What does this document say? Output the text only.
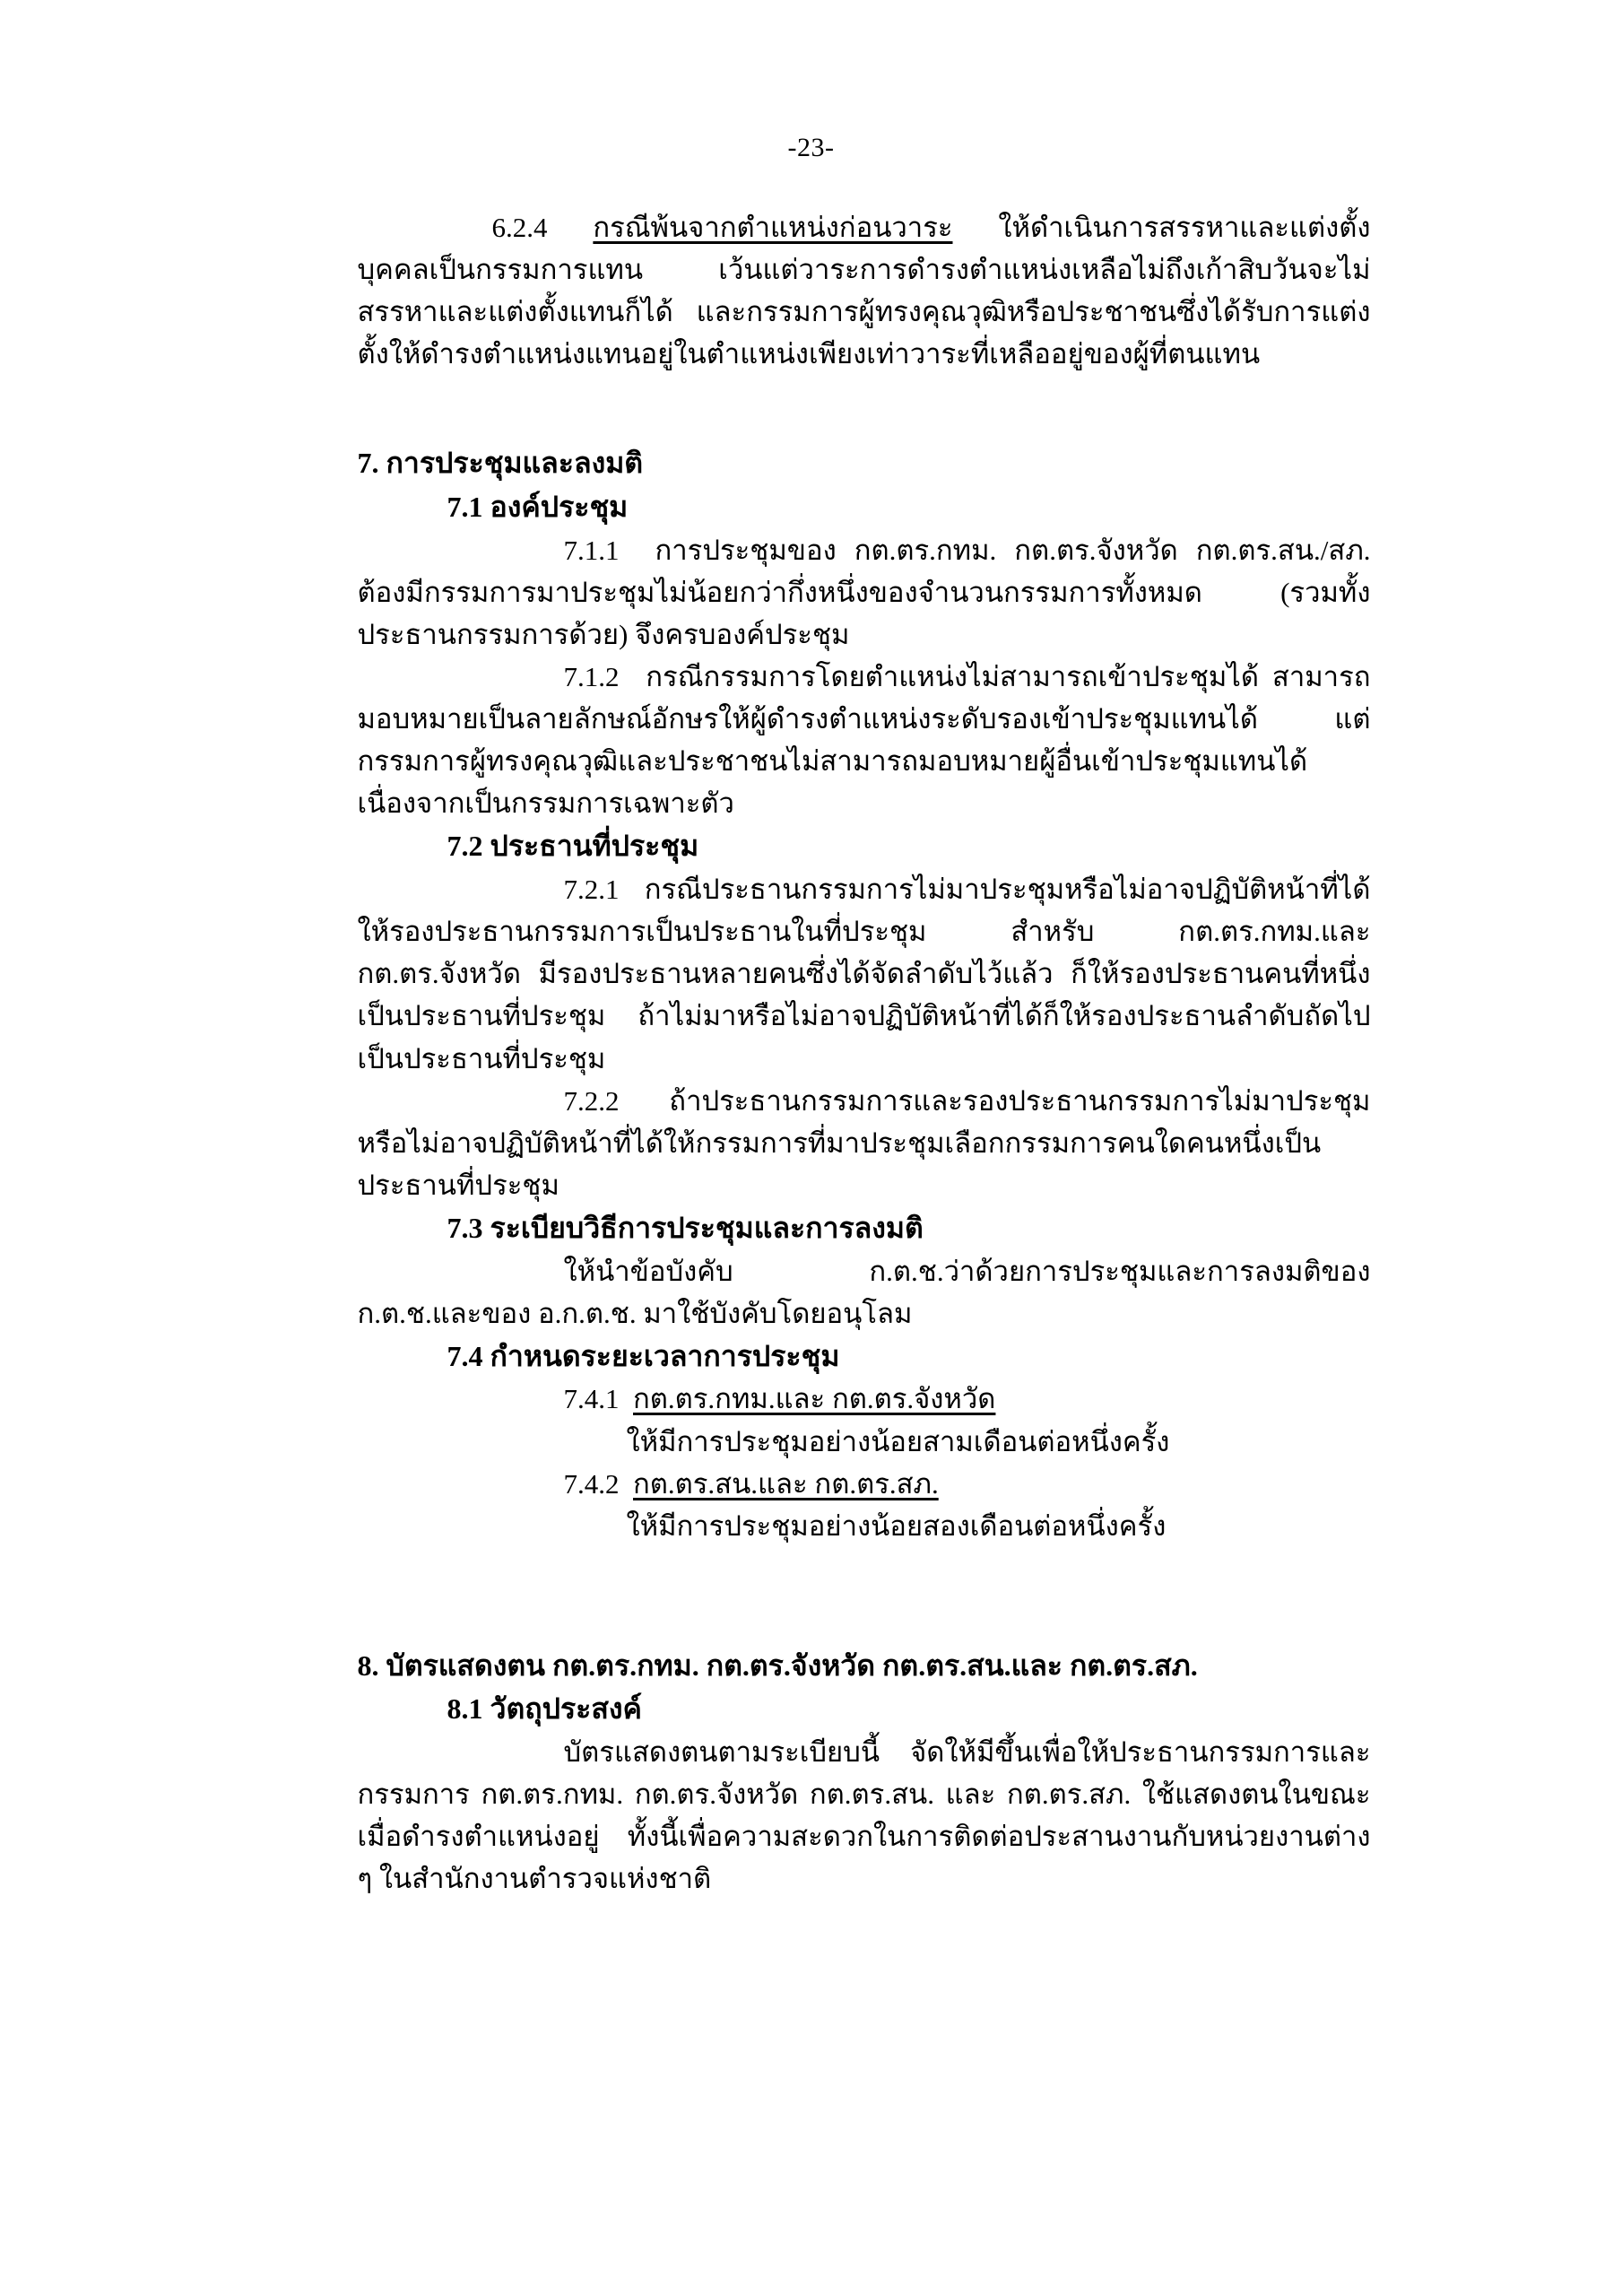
-23-

6.2.4 กรณีพ้นจากตำแหน่งก่อนวาระ ให้ดำเนินการสรรหาและแต่งตั้งบุคคลเป็นกรรมการแทน เว้นแต่วาระการดำรงตำแหน่งเหลือไม่ถึงเก้าสิบวันจะไม่สรรหาและแต่งตั้งแทนก็ได้ และกรรมการผู้ทรงคุณวุฒิหรือประชาชนซึ่งได้รับการแต่งตั้งให้ดำรงตำแหน่งแทนอยู่ในตำแหน่งเพียงเท่าวาระที่เหลืออยู่ของผู้ที่ตนแทน

7. การประชุมและลงมติ
7.1 องค์ประชุม

7.1.1 การประชุมของ กต.ตร.กทม. กต.ตร.จังหวัด กต.ตร.สน./สภ. ต้องมีกรรมการมาประชุมไม่น้อยกว่ากึ่งหนึ่งของจำนวนกรรมการทั้งหมด (รวมทั้งประธานกรรมการด้วย) จึงครบองค์ประชุม

7.1.2 กรณีกรรมการโดยตำแหน่งไม่สามารถเข้าประชุมได้ สามารถมอบหมายเป็นลายลักษณ์อักษรให้ผู้ดำรงตำแหน่งระดับรองเข้าประชุมแทนได้ แต่กรรมการผู้ทรงคุณวุฒิและประชาชนไม่สามารถมอบหมายผู้อื่นเข้าประชุมแทนได้เนื่องจากเป็นกรรมการเฉพาะตัว

7.2 ประธานที่ประชุม

7.2.1 กรณีประธานกรรมการไม่มาประชุมหรือไม่อาจปฏิบัติหน้าที่ได้ให้รองประธานกรรมการเป็นประธานในที่ประชุม สำหรับ กต.ตร.กทม.และ กต.ตร.จังหวัด มีรองประธานหลายคนซึ่งได้จัดลำดับไว้แล้ว ก็ให้รองประธานคนที่หนึ่งเป็นประธานที่ประชุม ถ้าไม่มาหรือไม่อาจปฏิบัติหน้าที่ได้ก็ให้รองประธานลำดับถัดไปเป็นประธานที่ประชุม

7.2.2 ถ้าประธานกรรมการและรองประธานกรรมการไม่มาประชุมหรือไม่อาจปฏิบัติหน้าที่ได้ให้กรรมการที่มาประชุมเลือกกรรมการคนใดคนหนึ่งเป็นประธานที่ประชุม

7.3 ระเบียบวิธีการประชุมและการลงมติ

ให้นำข้อบังคับ ก.ต.ช.ว่าด้วยการประชุมและการลงมติของ ก.ต.ช.และของ อ.ก.ต.ช. มาใช้บังคับโดยอนุโลม

7.4 กำหนดระยะเวลาการประชุม

7.4.1 กต.ตร.กทม.และ กต.ตร.จังหวัด

ให้มีการประชุมอย่างน้อยสามเดือนต่อหนึ่งครั้ง

7.4.2 กต.ตร.สน.และ กต.ตร.สภ.

ให้มีการประชุมอย่างน้อยสองเดือนต่อหนึ่งครั้ง

8. บัตรแสดงตน กต.ตร.กทม. กต.ตร.จังหวัด กต.ตร.สน.และ กต.ตร.สภ.
8.1 วัตถุประสงค์

บัตรแสดงตนตามระเบียบนี้ จัดให้มีขึ้นเพื่อให้ประธานกรรมการและกรรมการ กต.ตร.กทม. กต.ตร.จังหวัด กต.ตร.สน. และ กต.ตร.สภ. ใช้แสดงตนในขณะเมื่อดำรงตำแหน่งอยู่ ทั้งนี้เพื่อความสะดวกในการติดต่อประสานงานกับหน่วยงานต่าง ๆ ในสำนักงานตำรวจแห่งชาติ
